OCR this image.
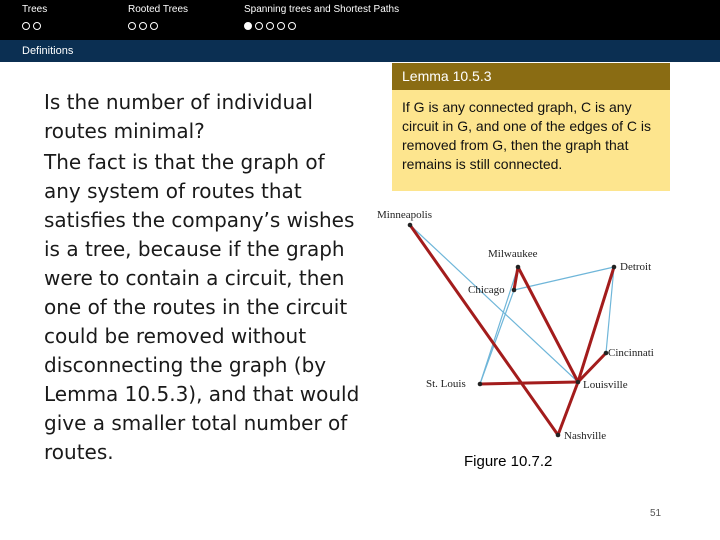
Trees	Rooted Trees	Spanning trees and Shortest Paths
Definitions

Is the number of individual routes minimal?

The fact is that the graph of any system of routes that satisfies the company’s wishes is a tree, because if the graph were to contain a circuit, then one of the routes in the circuit could be removed without disconnecting the graph (by Lemma 10.5.3), and that would give a smaller total number of routes.

Lemma 10.5.3
If G is any connected graph, C is any circuit in G, and one of the edges of C is removed from G, then the graph that remains is still connected.
Minneapolis
Milwaukee
Chicago
Detroit
Cincinnati
St. Louis	Louisville
Nashville
Figure 10.7.2
51
